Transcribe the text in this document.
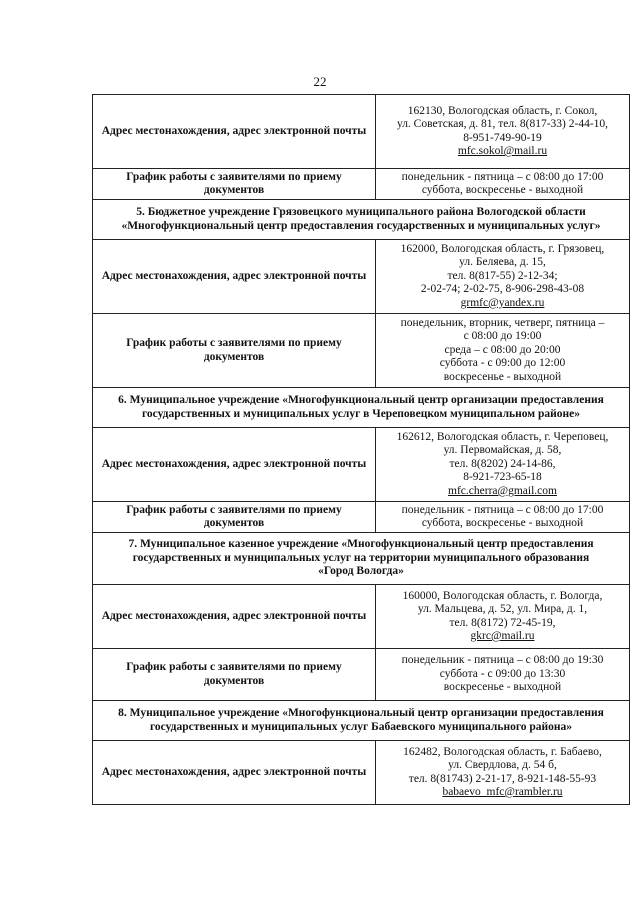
22
Адрес местонахождения, адрес электронной почты	162130, Вологодская область, г. Сокол,
ул. Советская, д. 81, тел. 8(817-33) 2-44-10,
8-951-749-90-19
mfc.sokol@mail.ru

График работы с заявителями по приему документов	понедельник - пятница – с 08:00 до 17:00
суббота, воскресенье - выходной

5. Бюджетное учреждение Грязовецкого муниципального района Вологодской области
«Многофункциональный центр предоставления государственных и муниципальных услуг»	

Адрес местонахождения, адрес электронной почты	162000, Вологодская область, г. Грязовец,
ул. Беляева, д. 15,
тел. 8(817-55) 2-12-34;
2-02-74; 2-02-75, 8-906-298-43-08
grmfc@yandex.ru

График работы с заявителями по приему документов	понедельник, вторник, четверг, пятница –
с 08:00 до 19:00
среда – с 08:00 до 20:00
суббота - с 09:00 до 12:00
воскресенье - выходной

6. Муниципальное учреждение «Многофункциональный центр организации предоставления
государственных и муниципальных услуг в Череповецком муниципальном районе»	

Адрес местонахождения, адрес электронной почты	162612, Вологодская область, г. Череповец,
ул. Первомайская, д. 58,
тел. 8(8202) 24-14-86,
8-921-723-65-18
mfc.cherra@gmail.com

График работы с заявителями по приему документов	понедельник - пятница – с 08:00 до 17:00
суббота, воскресенье - выходной

7. Муниципальное казенное учреждение «Многофункциональный центр предоставления
государственных и муниципальных услуг на территории муниципального образования
«Город Вологда»	

Адрес местонахождения, адрес электронной почты	160000, Вологодская область, г. Вологда,
ул. Мальцева, д. 52, ул. Мира, д. 1,
тел. 8(8172) 72-45-19,
gkrc@mail.ru

График работы с заявителями по приему документов	понедельник - пятница – с 08:00 до 19:30
суббота - с 09:00 до 13:30
воскресенье - выходной

8. Муниципальное учреждение «Многофункциональный центр организации предоставления
государственных и муниципальных услуг Бабаевского муниципального района»	

Адрес местонахождения, адрес электронной почты	162482, Вологодская область, г. Бабаево,
ул. Свердлова, д. 54 б,
тел. 8(81743) 2-21-17, 8-921-148-55-93
babaevo_mfc@rambler.ru
